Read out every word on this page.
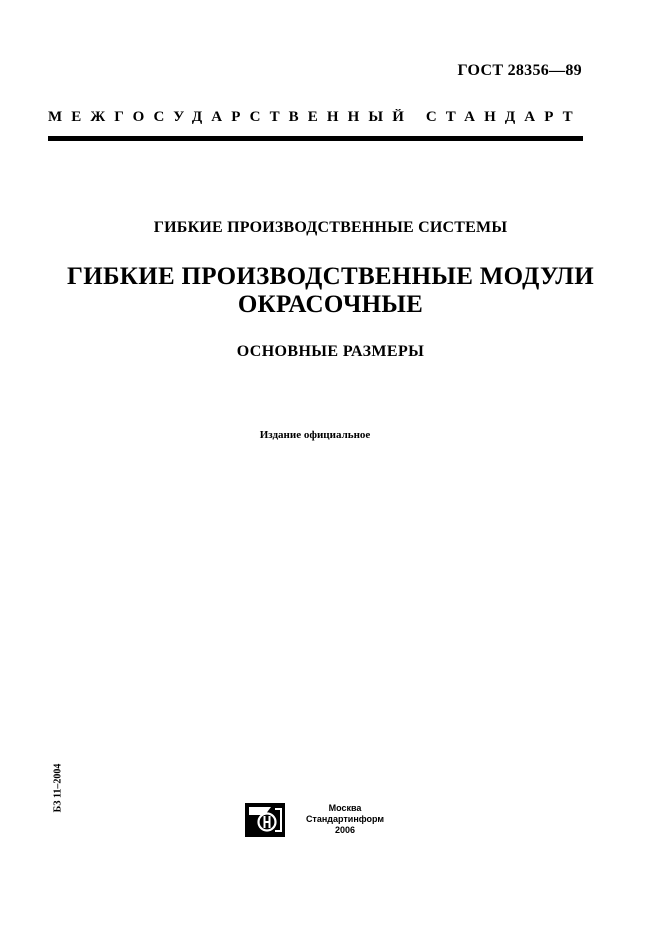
ГОСТ 28356—89
МЕЖГОСУДАРСТВЕННЫЙ СТАНДАРТ
ГИБКИЕ ПРОИЗВОДСТВЕННЫЕ СИСТЕМЫ
ГИБКИЕ ПРОИЗВОДСТВЕННЫЕ МОДУЛИ
ОКРАСОЧНЫЕ
ОСНОВНЫЕ РАЗМЕРЫ
Издание официальное
БЗ 11–2004	Москва
Стандартинформ
2006
